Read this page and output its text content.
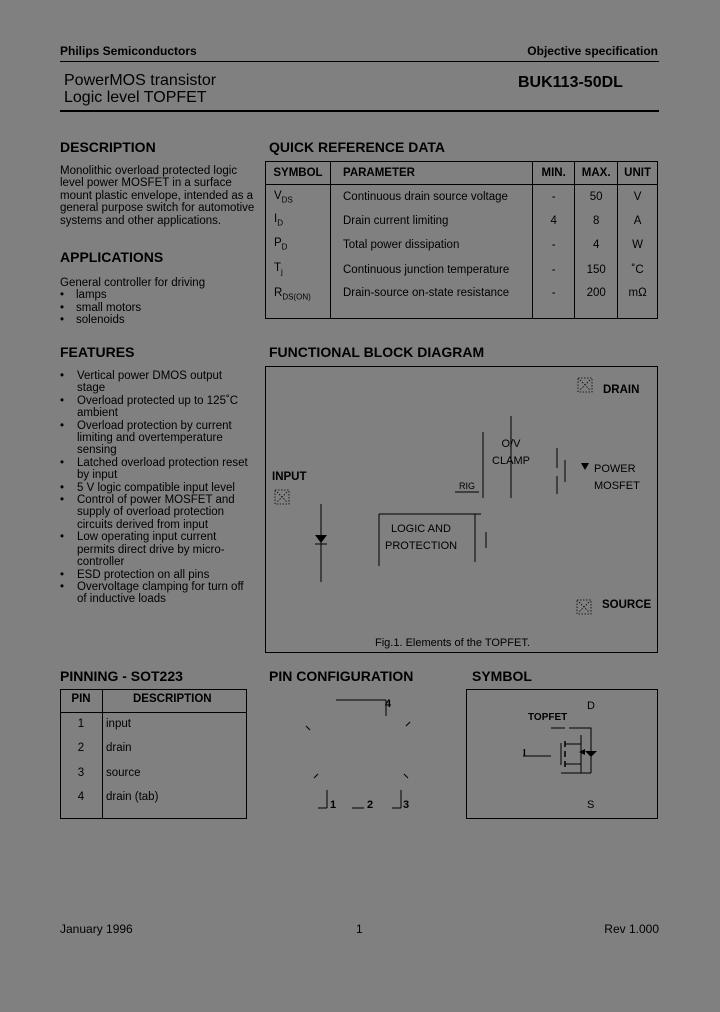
Philips Semiconductors	Objective specification
PowerMOS transistor
Logic level TOPFET
BUK113-50DL
DESCRIPTION
Monolithic overload protected logic level power MOSFET in a surface mount plastic envelope, intended as a general purpose switch for automotive systems and other applications.
APPLICATIONS
General controller for driving
• lamps
• small motors
• solenoids
FEATURES
• Vertical power DMOS output stage
• Overload protected up to 125˚C ambient
• Overload protection by current limiting and overtemperature sensing
• Latched overload protection reset by input
• 5 V logic compatible input level
• Control of power MOSFET and supply of overload protection circuits derived from input
• Low operating input current permits direct drive by micro-controller
• ESD protection on all pins
• Overvoltage clamping for turn off of inductive loads
QUICK REFERENCE DATA
SYMBOL	PARAMETER	MIN.	MAX.	UNIT
$V_{DS}$	Continuous drain source voltage	-	50	V
$I_D$	Drain current limiting	4	8	A
$P_D$	Total power dissipation	-	4	W
$T_j$	Continuous junction temperature	-	150	˚C
$R_{DS(ON)}$	Drain-source on-state resistance	-	200	mΩ
FUNCTIONAL BLOCK DIAGRAM
DRAIN
INPUT
SOURCE
O/V
CLAMP
RIG
LOGIC AND
PROTECTION
POWER
MOSFET
Fig.1. Elements of the TOPFET.
PINNING - SOT223
PIN	DESCRIPTION
1	input
2	drain
3	source
4	drain (tab)
PIN CONFIGURATION
4
1	2	3
SYMBOL
TOPFET
D
I
S
January 1996	1	Rev 1.000
